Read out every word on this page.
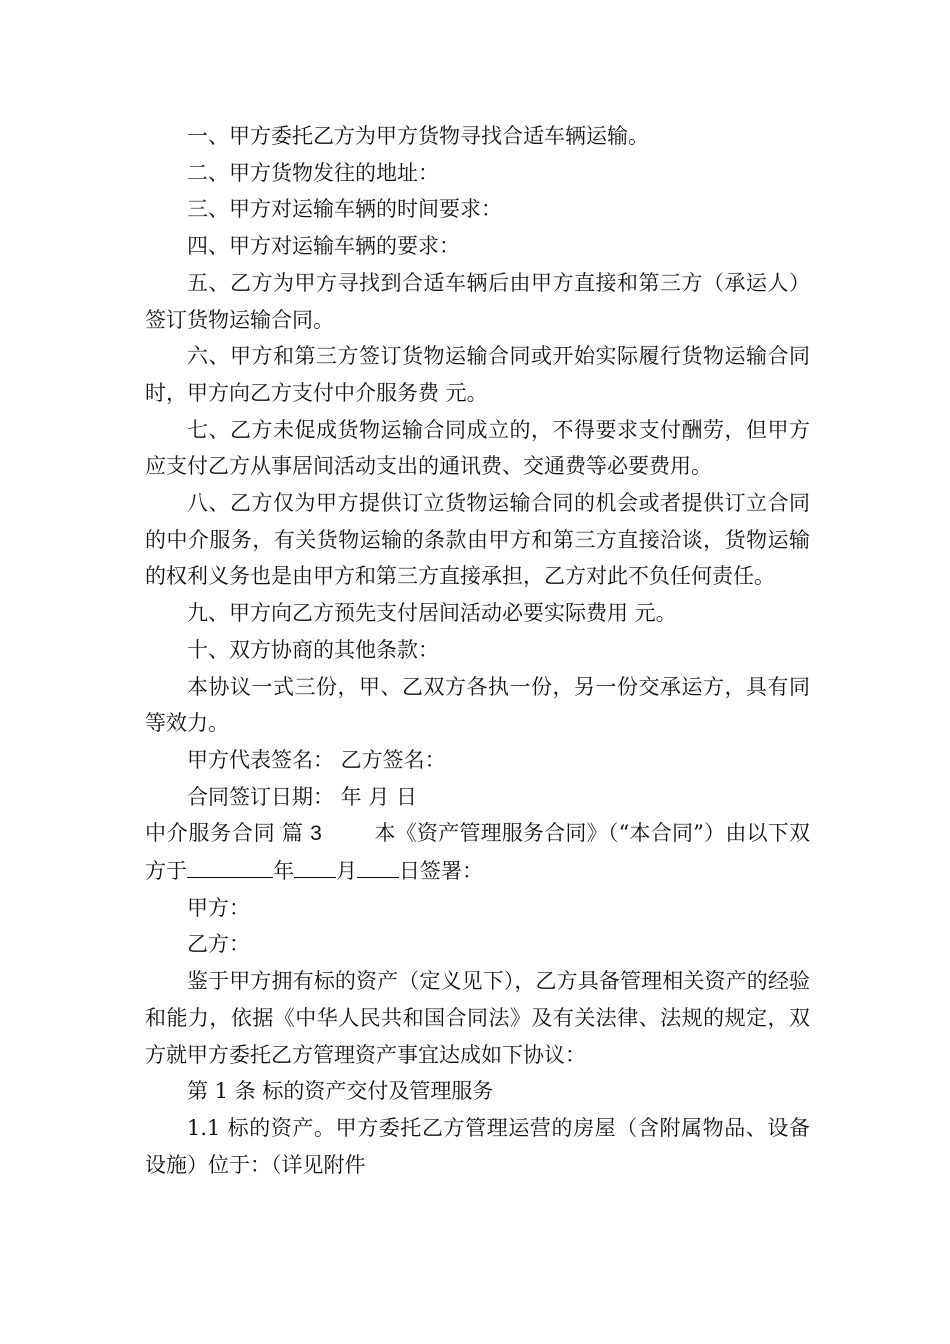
一、甲方委托乙方为甲方货物寻找合适车辆运输。

二、甲方货物发往的地址：

三、甲方对运输车辆的时间要求：

四、甲方对运输车辆的要求：

五、乙方为甲方寻找到合适车辆后由甲方直接和第三方（承运人）签订货物运输合同。

六、甲方和第三方签订货物运输合同或开始实际履行货物运输合同时，甲方向乙方支付中介服务费 元。

七、乙方未促成货物运输合同成立的，不得要求支付酬劳，但甲方应支付乙方从事居间活动支出的通讯费、交通费等必要费用。

八、乙方仅为甲方提供订立货物运输合同的机会或者提供订立合同的中介服务，有关货物运输的条款由甲方和第三方直接洽谈，货物运输的权利义务也是由甲方和第三方直接承担，乙方对此不负任何责任。

九、甲方向乙方预先支付居间活动必要实际费用 元。

十、双方协商的其他条款：

本协议一式三份，甲、乙双方各执一份，另一份交承运方，具有同等效力。

甲方代表签名： 乙方签名：

合同签订日期： 年 月 日

中介服务合同 篇 3 本《资产管理服务合同》（“本合同”）由以下双方于	年 月 日签署：

甲方：

乙方：

鉴于甲方拥有标的资产（定义见下），乙方具备管理相关资产的经验和能力，依据《中华人民共和国合同法》及有关法律、法规的规定，双方就甲方委托乙方管理资产事宜达成如下协议：

第 1 条 标的资产交付及管理服务

1.1 标的资产。甲方委托乙方管理运营的房屋（含附属物品、设备设施）位于：（详见附件
